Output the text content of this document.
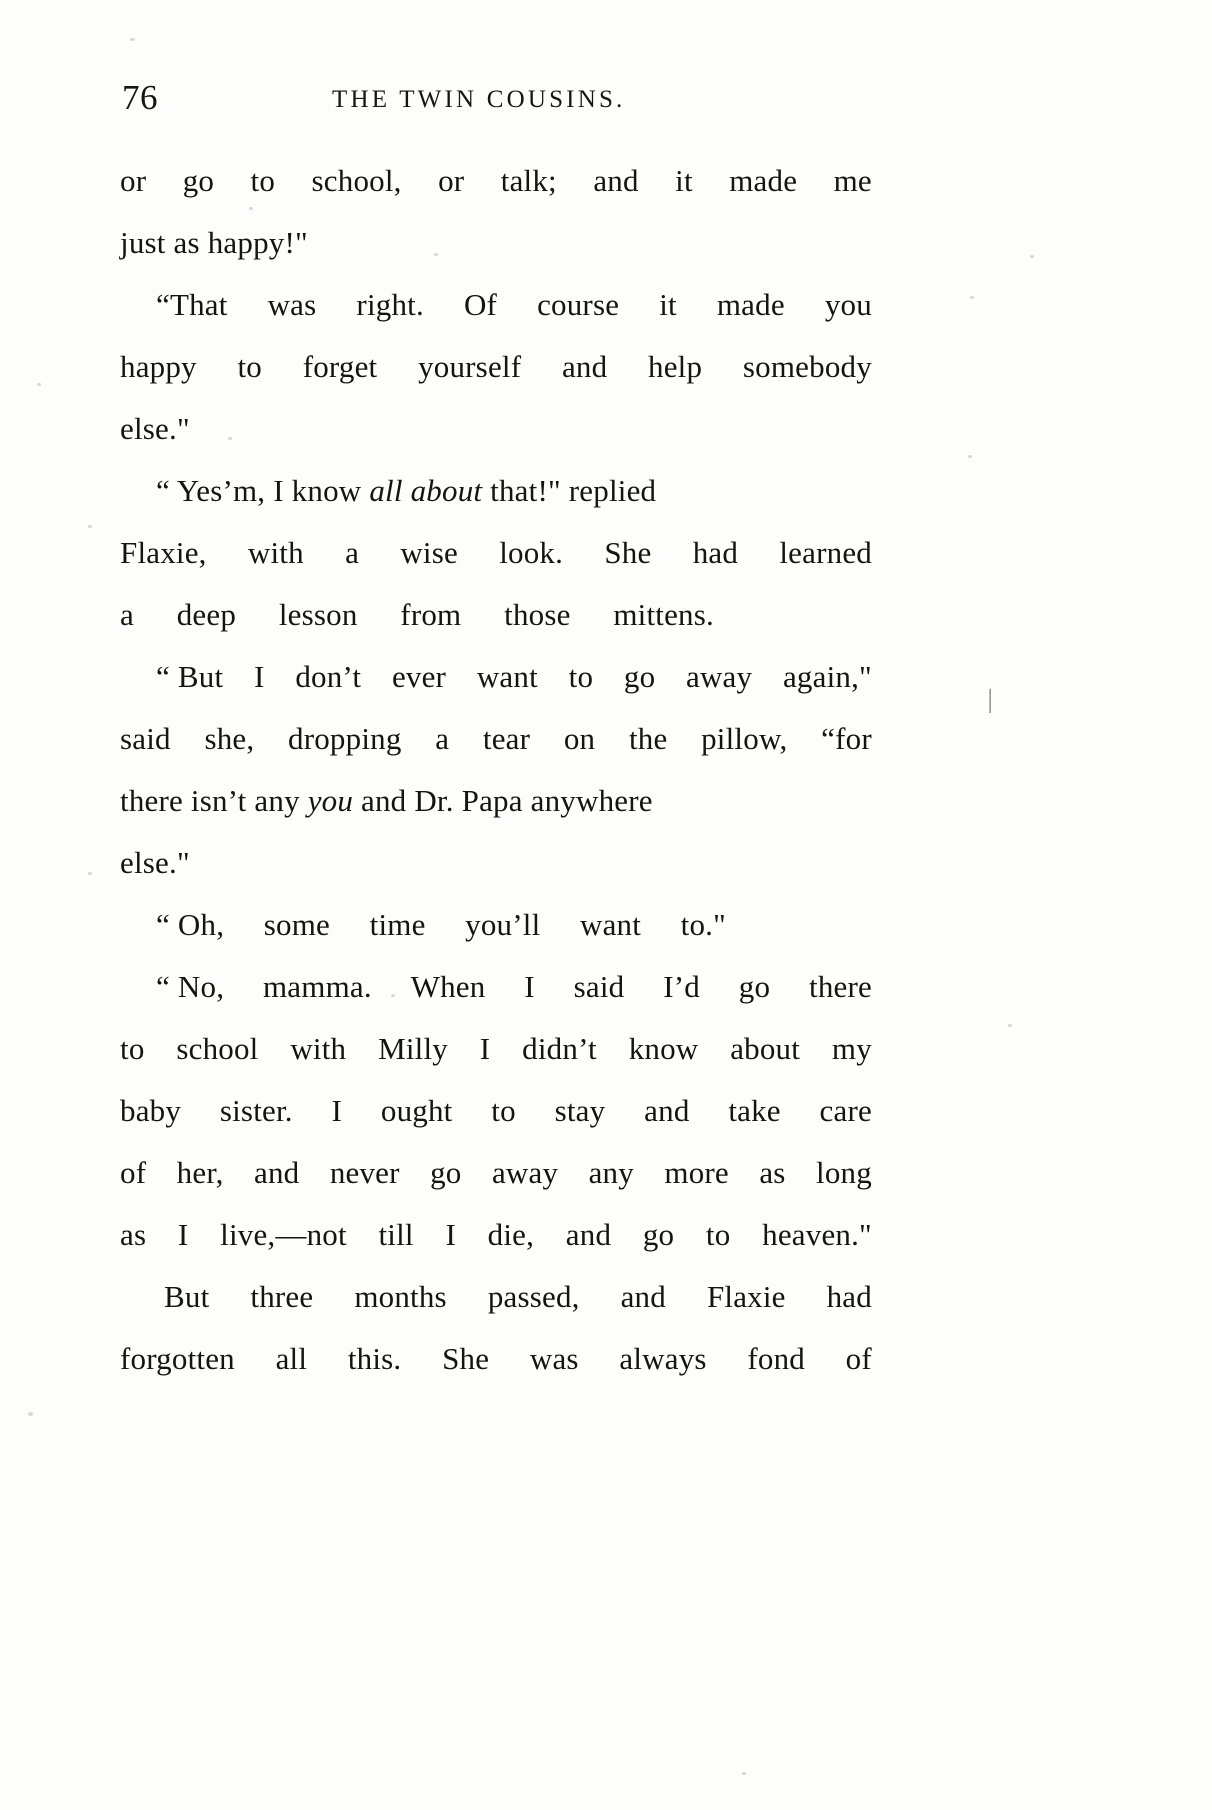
76	THE TWIN COUSINS.
or go to school, or talk; and it made me
just as happy!"
“That was right. Of course it made you
happy to forget yourself and help somebody
else."
“ Yes’m, I know all about that!" replied
Flaxie, with a wise look. She had learned
a deep lesson from those mittens.
“ But I don’t ever want to go away again,"
said she, dropping a tear on the pillow, “for
there isn’t any you and Dr. Papa anywhere
else."
“ Oh, some time you’ll want to."
“ No, mamma. When I said I’d go there
to school with Milly I didn’t know about my
baby sister. I ought to stay and take care
of her, and never go away any more as long
as I live,—not till I die, and go to heaven."
But three months passed, and Flaxie had
forgotten all this. She was always fond of
│
